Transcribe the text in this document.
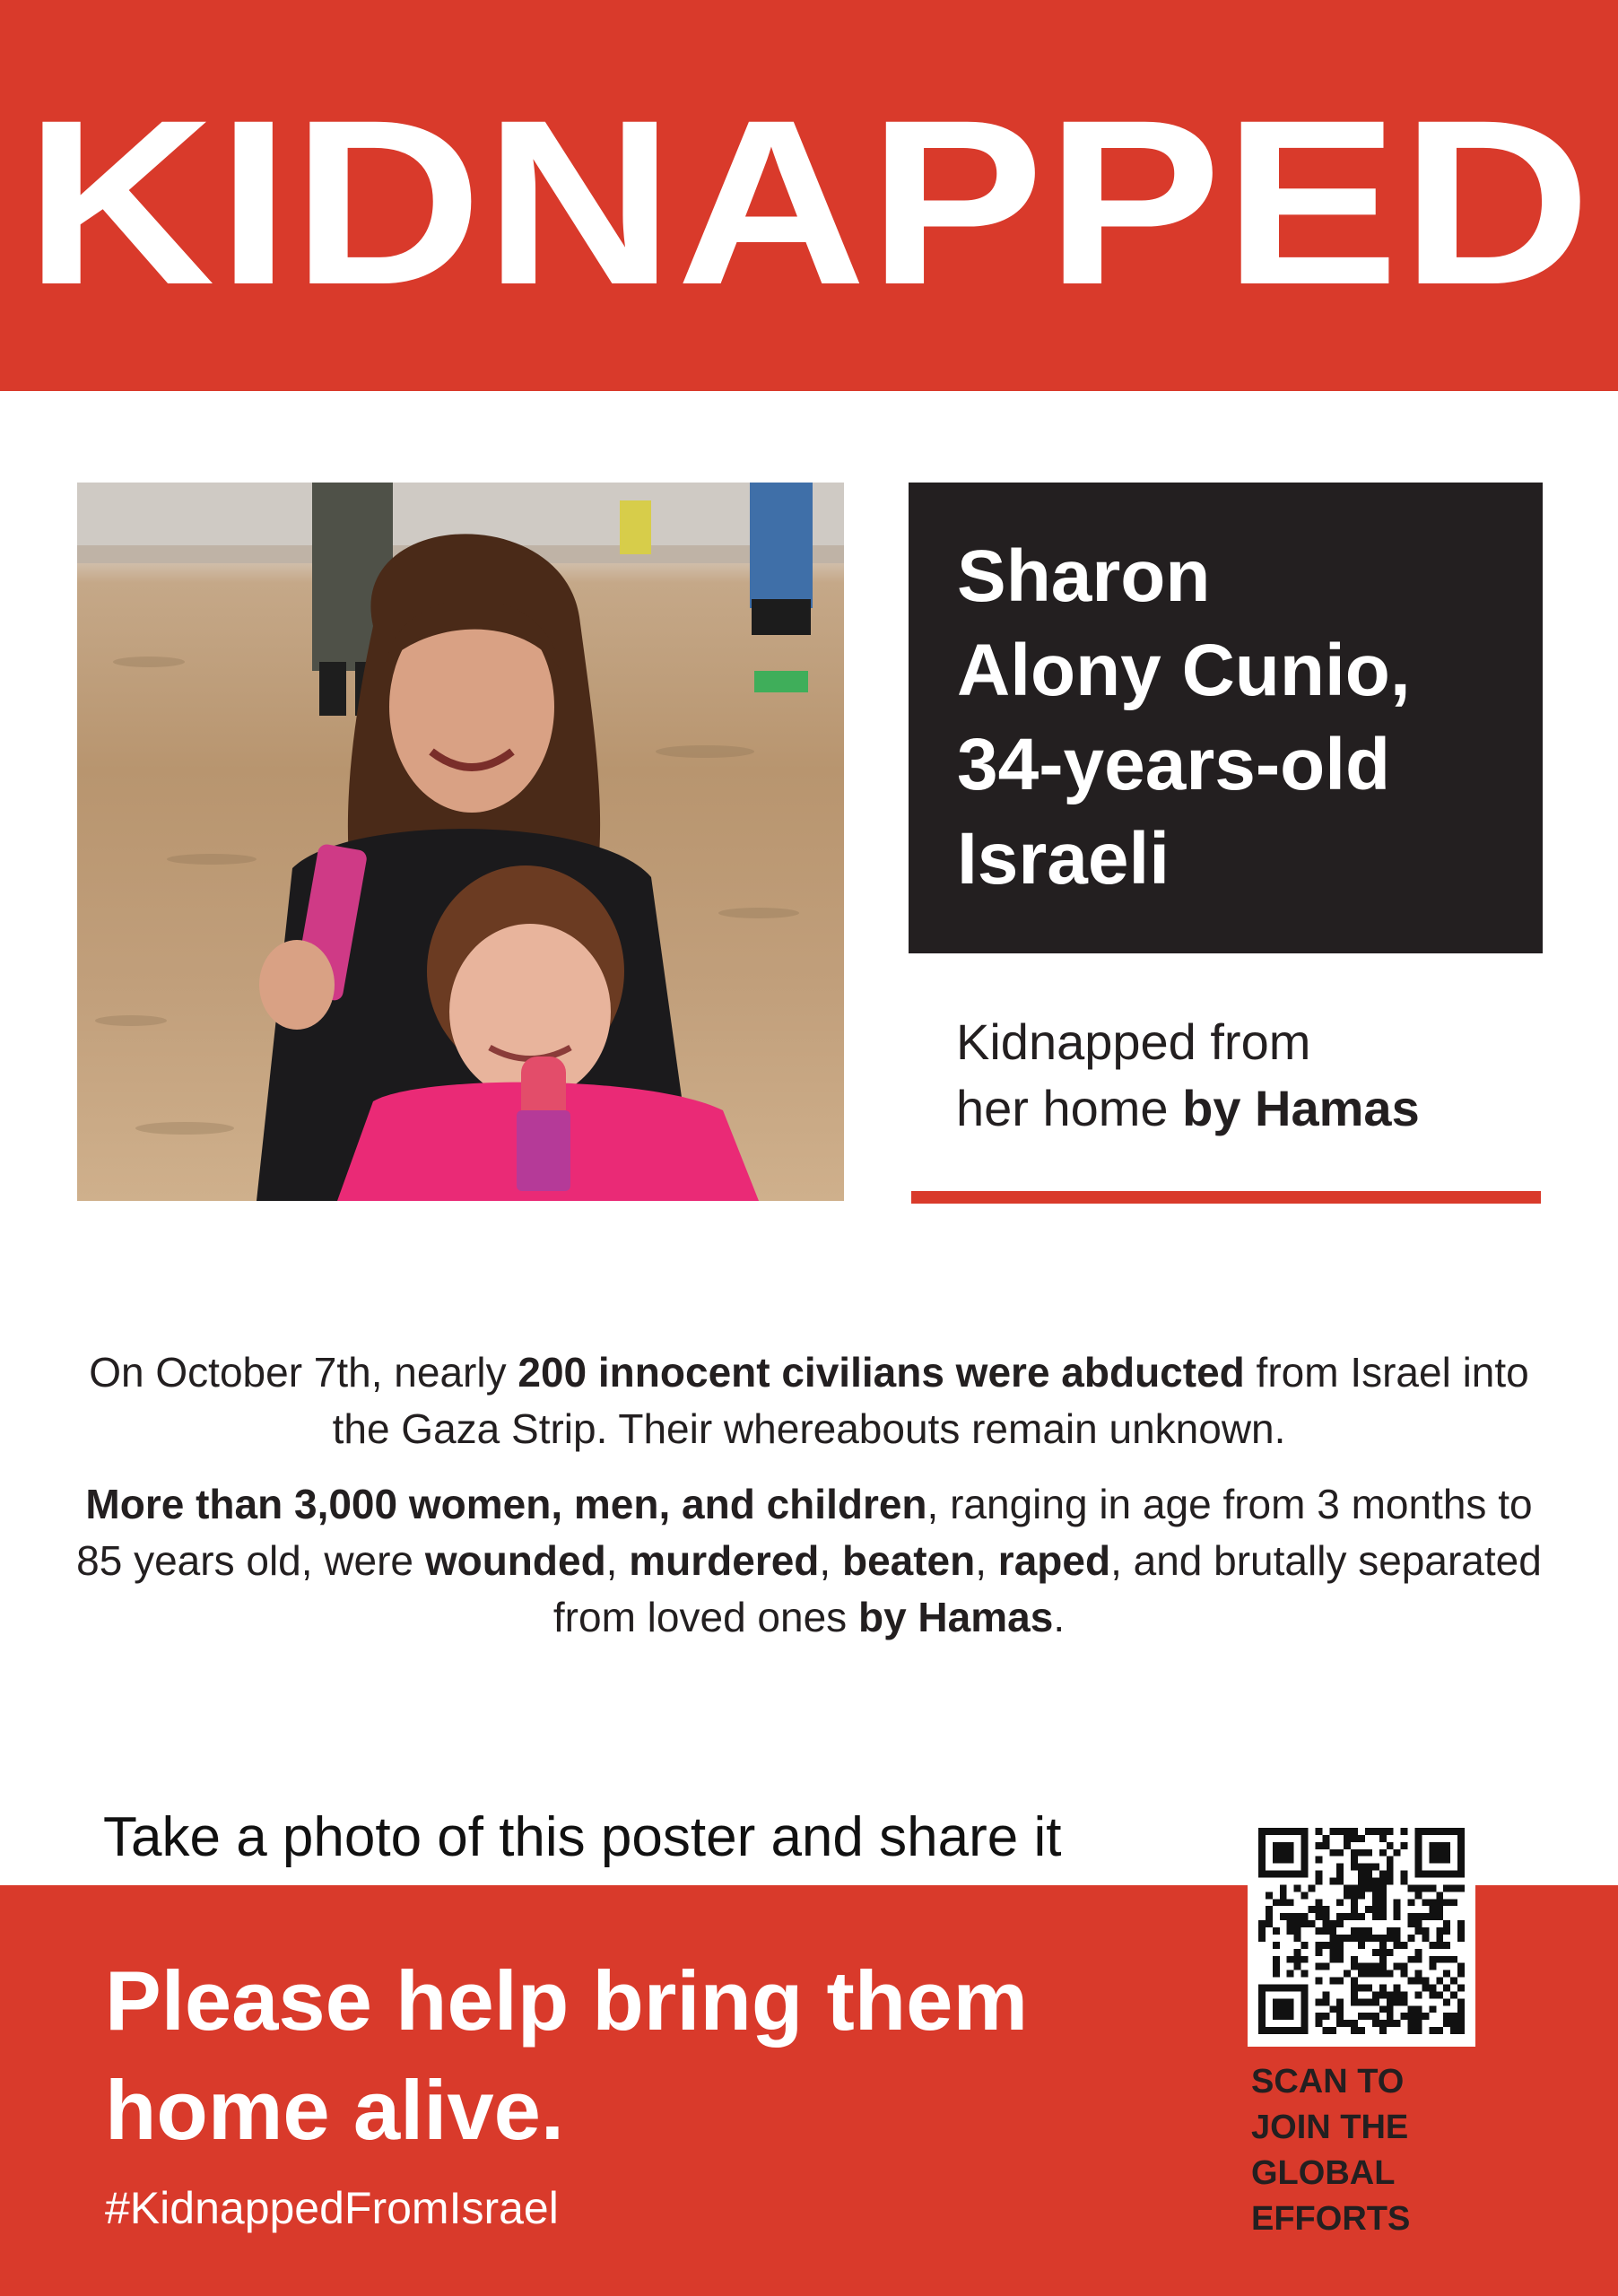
KIDNAPPED
Sharon
Alony Cunio,
34-years-old
Israeli
Kidnapped from
her home by Hamas
On October 7th, nearly 200 innocent civilians were abducted from Israel into the Gaza Strip. Their whereabouts remain unknown.
More than 3,000 women, men, and children, ranging in age from 3 months to 85 years old, were wounded, murdered, beaten, raped, and brutally separated from loved ones by Hamas.
Take a photo of this poster and share it
Please help bring them
home alive.
#KidnappedFromIsrael
SCAN TO
JOIN THE
GLOBAL
EFFORTS
